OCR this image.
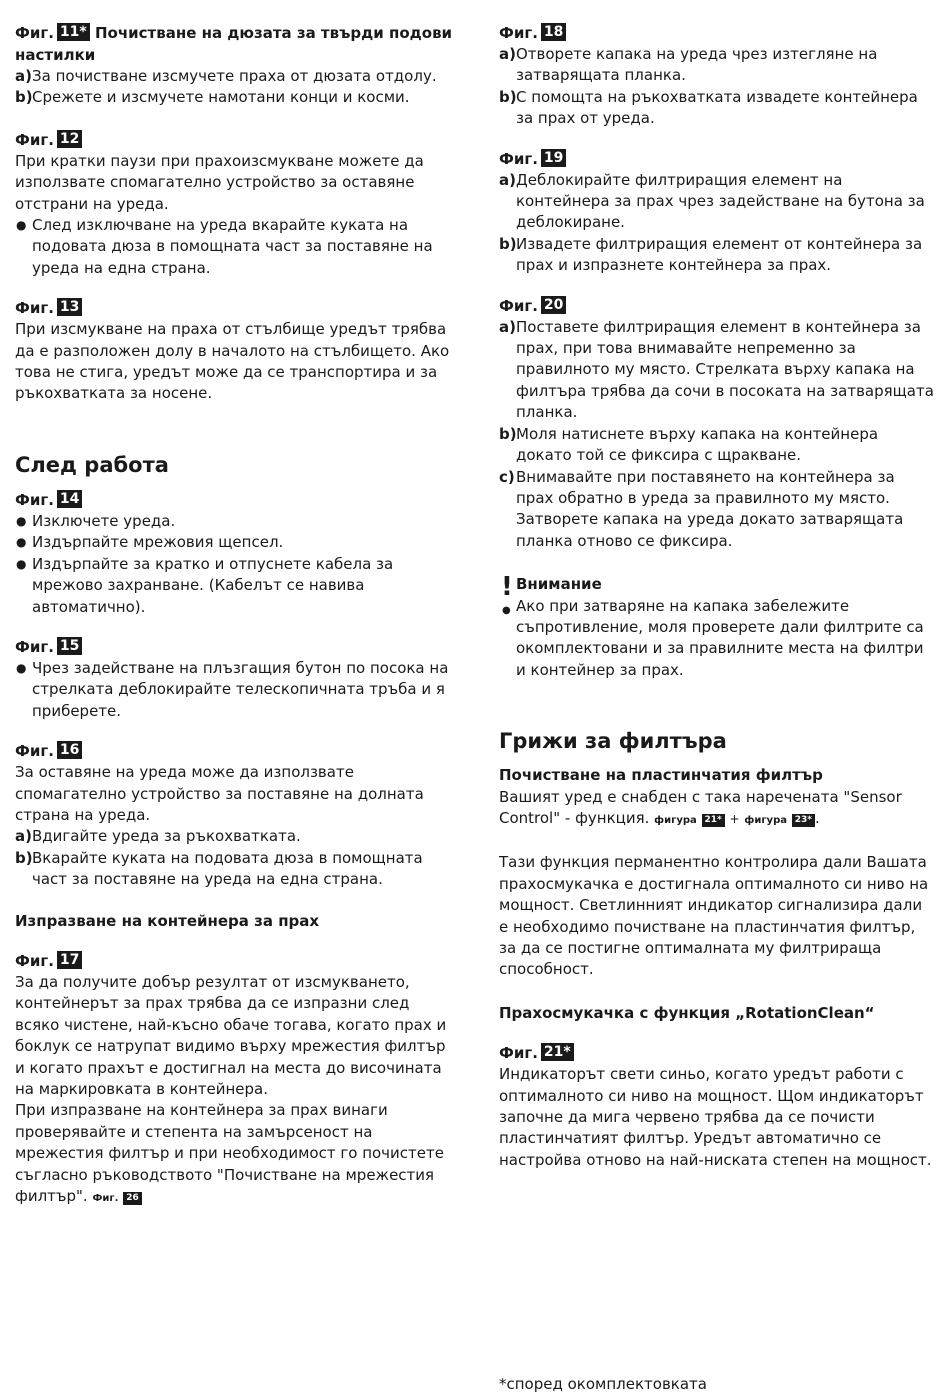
Фиг. 11* Почистване на дюзата за твърди подови настилки
a) За почистване изсмучете праха от дюзата отдолу.
b) Срежете и изсмучете намотани конци и косми.
Фиг. 12

При кратки паузи при прахоизсмукване можете да използвате спомагателно устройство за оставяне отстрани на уреда.

● След изключване на уреда вкарайте куката на подовата дюза в помощната част за поставяне на уреда на една страна.
Фиг. 13

При изсмукване на праха от стълбище уредът трябва да е разположен долу в началото на стълбището. Ако това не стига, уредът може да се транспортира и за ръкохватката за носене.

След работа
Фиг. 14
● Изключете уреда.
● Издърпайте мрежовия щепсел.
● Издърпайте за кратко и отпуснете кабела за мрежово захранване. (Кабелът се навива автоматично).
Фиг. 15
● Чрез задействане на плъзгащия бутон по посока на стрелката деблокирайте телескопичната тръба и я приберете.
Фиг. 16

За оставяне на уреда може да използвате спомагателно устройство за поставяне на долната страна на уреда.

a) Вдигайте уреда за ръкохватката.
b) Вкарайте куката на подовата дюза в помощната част за поставяне на уреда на една страна.
Изпразване на контейнера за прах
Фиг. 17

За да получите добър резултат от изсмукването, контейнерът за прах трябва да се изпразни след всяко чистене, най-късно обаче тогава, когато прах и боклук се натрупат видимо върху мрежестия филтър и когато прахът е достигнал на места до височината на маркировката в контейнера.

При изпразване на контейнера за прах винаги проверявайте и степента на замърсеност на мрежестия филтър и при необходимост го почистете съгласно ръководството "Почистване на мрежестия филтър". Фиг. 26

Фиг. 18
a) Отворете капака на уреда чрез изтегляне на затварящата планка.
b) С помощта на ръкохватката извадете контейнера за прах от уреда.
Фиг. 19
a) Деблокирайте филтриращия елемент на контейнера за прах чрез задействане на бутона за деблокиране.
b) Извадете филтриращия елемент от контейнера за прах и изпразнете контейнера за прах.
Фиг. 20
a) Поставете филтриращия елемент в контейнера за прах, при това внимавайте непременно за правилното му място. Стрелката върху капака на филтъра трябва да сочи в посоката на затварящата планка.
b) Моля натиснете върху капака на контейнера докато той се фиксира с щракване.
c) Внимавайте при поставянето на контейнера за прах обратно в уреда за правилното му място. Затворете капака на уреда докато затварящата планка отново се фиксира.
!
●
Внимание
Ако при затваряне на капака забележите съпротивление, моля проверете дали филтрите са окомплектовани и за правилните места на филтри и контейнер за прах.
Грижи за филтъра
Почистване на пластинчатия филтър

Вашият уред е снабден с така наречената "Sensor Control" - функция. фигура 21* + фигура 23* .

Тази функция перманентно контролира дали Вашата прахосмукачка е достигнала оптималното си ниво на мощност. Светлинният индикатор сигнализира дали е необходимо почистване на пластинчатия филтър, за да се постигне оптималната му филтрираща способност.

Прахосмукачка с функция „RotationClean“
Фиг. 21*

Индикаторът свети синьо, когато уредът работи с оптималното си ниво на мощност. Щом индикаторът започне да мига червено трябва да се почисти пластинчатият филтър. Уредът автоматично се настройва отново на най-ниската степен на мощност.

*според окомплектовката
